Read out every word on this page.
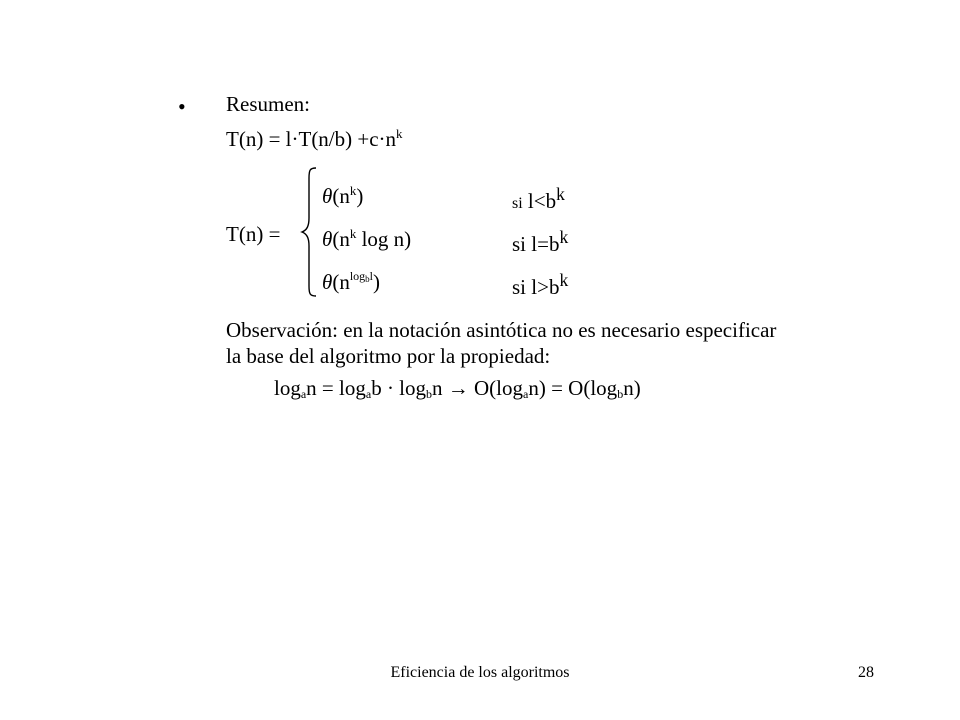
• Resumen:
$T(n) = l\cdot T(n/b) +c\cdot n^k$
T(n) =
$\theta(n^k)$	si $l<b^k$
$\theta(n^k$ log n)	si $l=b^k$
$\theta(n^{log_bl})$	si $l>b^k$
Observación: en la notación asintótica no es necesario especificar
la base del algoritmo por la propiedad:
$\log_an = \log_ab \cdot \log_bn \to O(\log_an) = O(\log_bn)$
Eficiencia de los algoritmos	28
